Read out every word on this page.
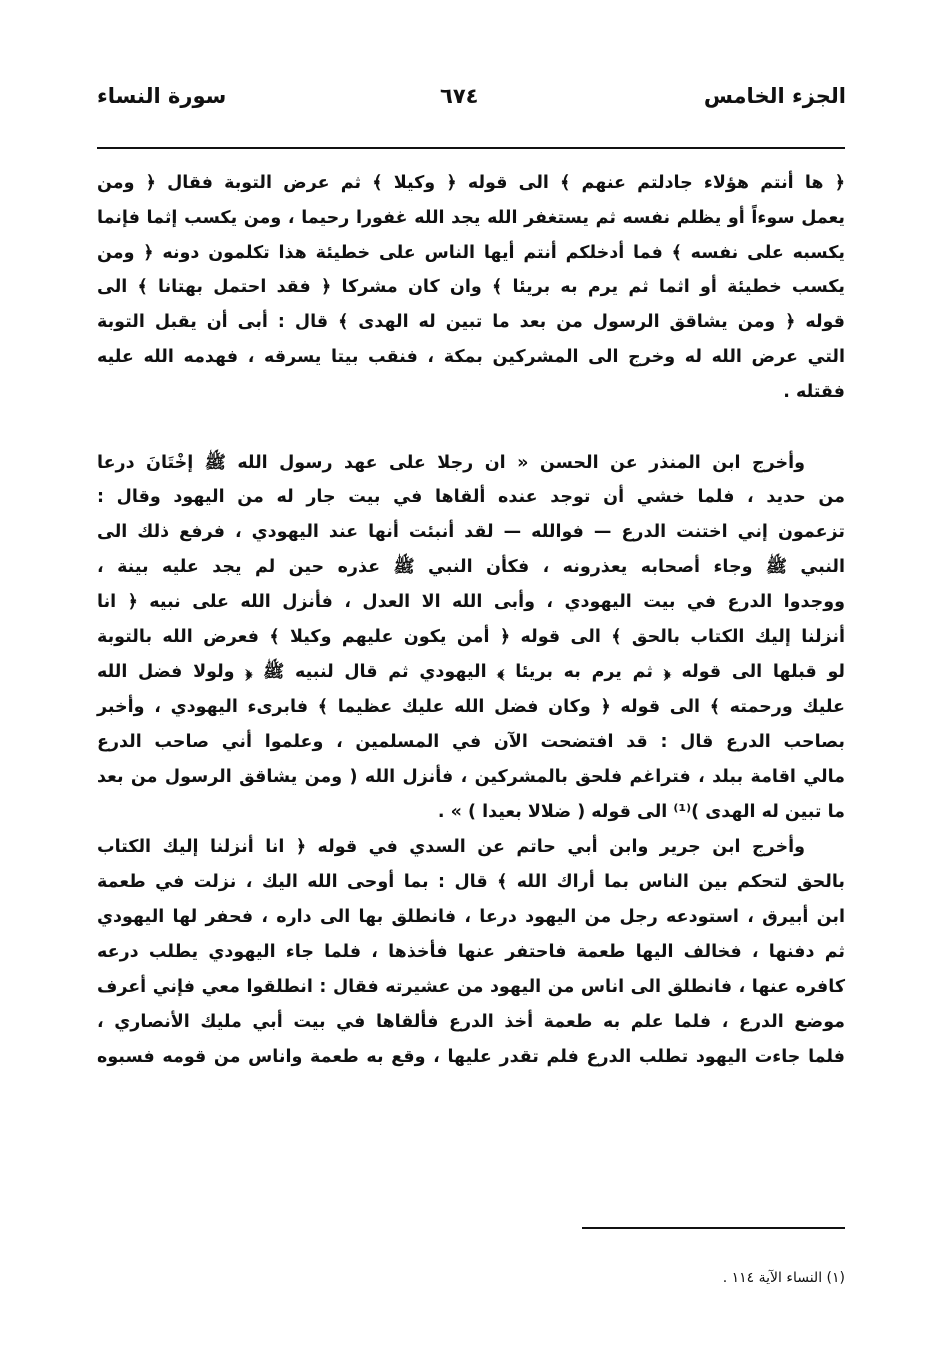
الجزء الخامس
٦٧٤
سورة النساء
﴿ ها أنتم هؤلاء جادلتم عنهم ﴾ الى قوله ﴿ وكيلا ﴾ ثم عرض التوبة فقال ﴿ ومن
يعمل سوءاً أو يظلم نفسه ثم يستغفر الله يجد الله غفورا رحيما ، ومن يكسب إثما فإنما
يكسبه على نفسه ﴾ فما أدخلكم أنتم أيها الناس على خطيئة هذا تكلمون دونه ﴿ ومن
يكسب خطيئة أو اثما ثم يرم به بريئا ﴾ وان كان مشركا ﴿ فقد احتمل بهتانا ﴾ الى
قوله ﴿ ومن يشاقق الرسول من بعد ما تبين له الهدى ﴾ قال : أبى أن يقبل التوبة
التي عرض الله له وخرج الى المشركين بمكة ، فنقب بيتا يسرقه ، فهدمه الله عليه
فقتله .
وأخرج ابن المنذر عن الحسن « ان رجلا على عهد رسول الله ﷺ إخْتَانَ درعا
من حديد ، فلما خشي أن توجد عنده ألقاها في بيت جار له من اليهود وقال :
تزعمون إني اختنت الدرع — فوالله — لقد أنبئت أنها عند اليهودي ، فرفع ذلك الى
النبي ﷺ وجاء أصحابه يعذرونه ، فكأن النبي ﷺ عذره حين لم يجد عليه بينة ،
ووجدوا الدرع في بيت اليهودي ، وأبى الله الا العدل ، فأنزل الله على نبيه ﴿ انا
أنزلنا إليك الكتاب بالحق ﴾ الى قوله ﴿ أمن يكون عليهم وكيلا ﴾ فعرض الله بالتوبة
لو قبلها الى قوله ﴿ ثم يرم به بريئا ﴾ اليهودي ثم قال لنبيه ﷺ ﴿ ولولا فضل الله
عليك ورحمته ﴾ الى قوله ﴿ وكان فضل الله عليك عظيما ﴾ فابرىء اليهودي ، وأخبر
بصاحب الدرع قال : قد افتضحت الآن في المسلمين ، وعلموا أني صاحب الدرع
مالي اقامة ببلد ، فتراغم فلحق بالمشركين ، فأنزل الله ( ومن يشاقق الرسول من بعد
ما تبين له الهدى )⁽¹⁾ الى قوله ( ضلالا بعيدا ) » .
وأخرج ابن جرير وابن أبي حاتم عن السدي في قوله ﴿ انا أنزلنا إليك الكتاب
بالحق لتحكم بين الناس بما أراك الله ﴾ قال : بما أوحى الله اليك ، نزلت في طعمة
ابن أبيرق ، استودعه رجل من اليهود درعا ، فانطلق بها الى داره ، فحفر لها اليهودي
ثم دفنها ، فخالف اليها طعمة فاحتفر عنها فأخذها ، فلما جاء اليهودي يطلب درعه
كافره عنها ، فانطلق الى اناس من اليهود من عشيرته فقال : انطلقوا معي فإني أعرف
موضع الدرع ، فلما علم به طعمة أخذ الدرع فألقاها في بيت أبي مليك الأنصاري ،
فلما جاءت اليهود تطلب الدرع فلم تقدر عليها ، وقع به طعمة واناس من قومه فسبوه
(١) النساء الآية ١١٤ .
